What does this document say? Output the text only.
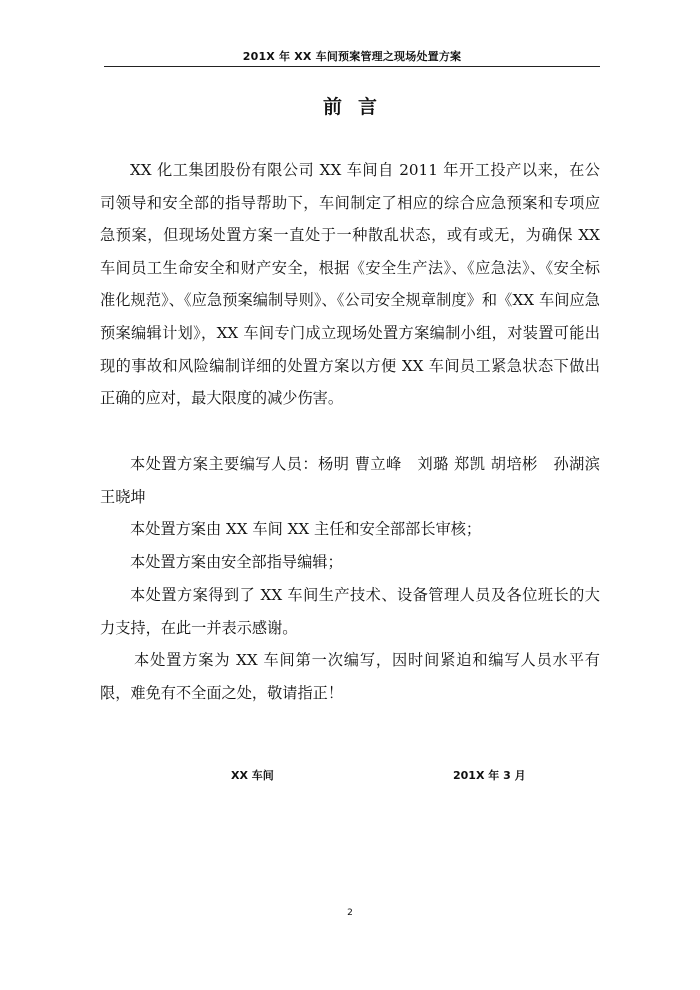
201X 年 XX 车间预案管理之现场处置方案
前言

XX 化工集团股份有限公司 XX 车间自 2011 年开工投产以来，在公司领导和安全部的指导帮助下，车间制定了相应的综合应急预案和专项应急预案，但现场处置方案一直处于一种散乱状态，或有或无，为确保 XX 车间员工生命安全和财产安全，根据《安全生产法》、《应急法》、《安全标准化规范》、《应急预案编制导则》、《公司安全规章制度》和《XX 车间应急预案编辑计划》，XX 车间专门成立现场处置方案编制小组，对装置可能出现的事故和风险编制详细的处置方案以方便 XX 车间员工紧急状态下做出正确的应对，最大限度的减少伤害。

本处置方案主要编写人员：杨明 曹立峰　刘璐 郑凯 胡培彬　孙湖滨　王晓坤

本处置方案由 XX 车间 XX 主任和安全部部长审核；

本处置方案由安全部指导编辑；

本处置方案得到了 XX 车间生产技术、设备管理人员及各位班长的大力支持，在此一并表示感谢。

本处置方案为 XX 车间第一次编写，因时间紧迫和编写人员水平有限，难免有不全面之处，敬请指正！

XX 车间	201X 年 3 月
2
